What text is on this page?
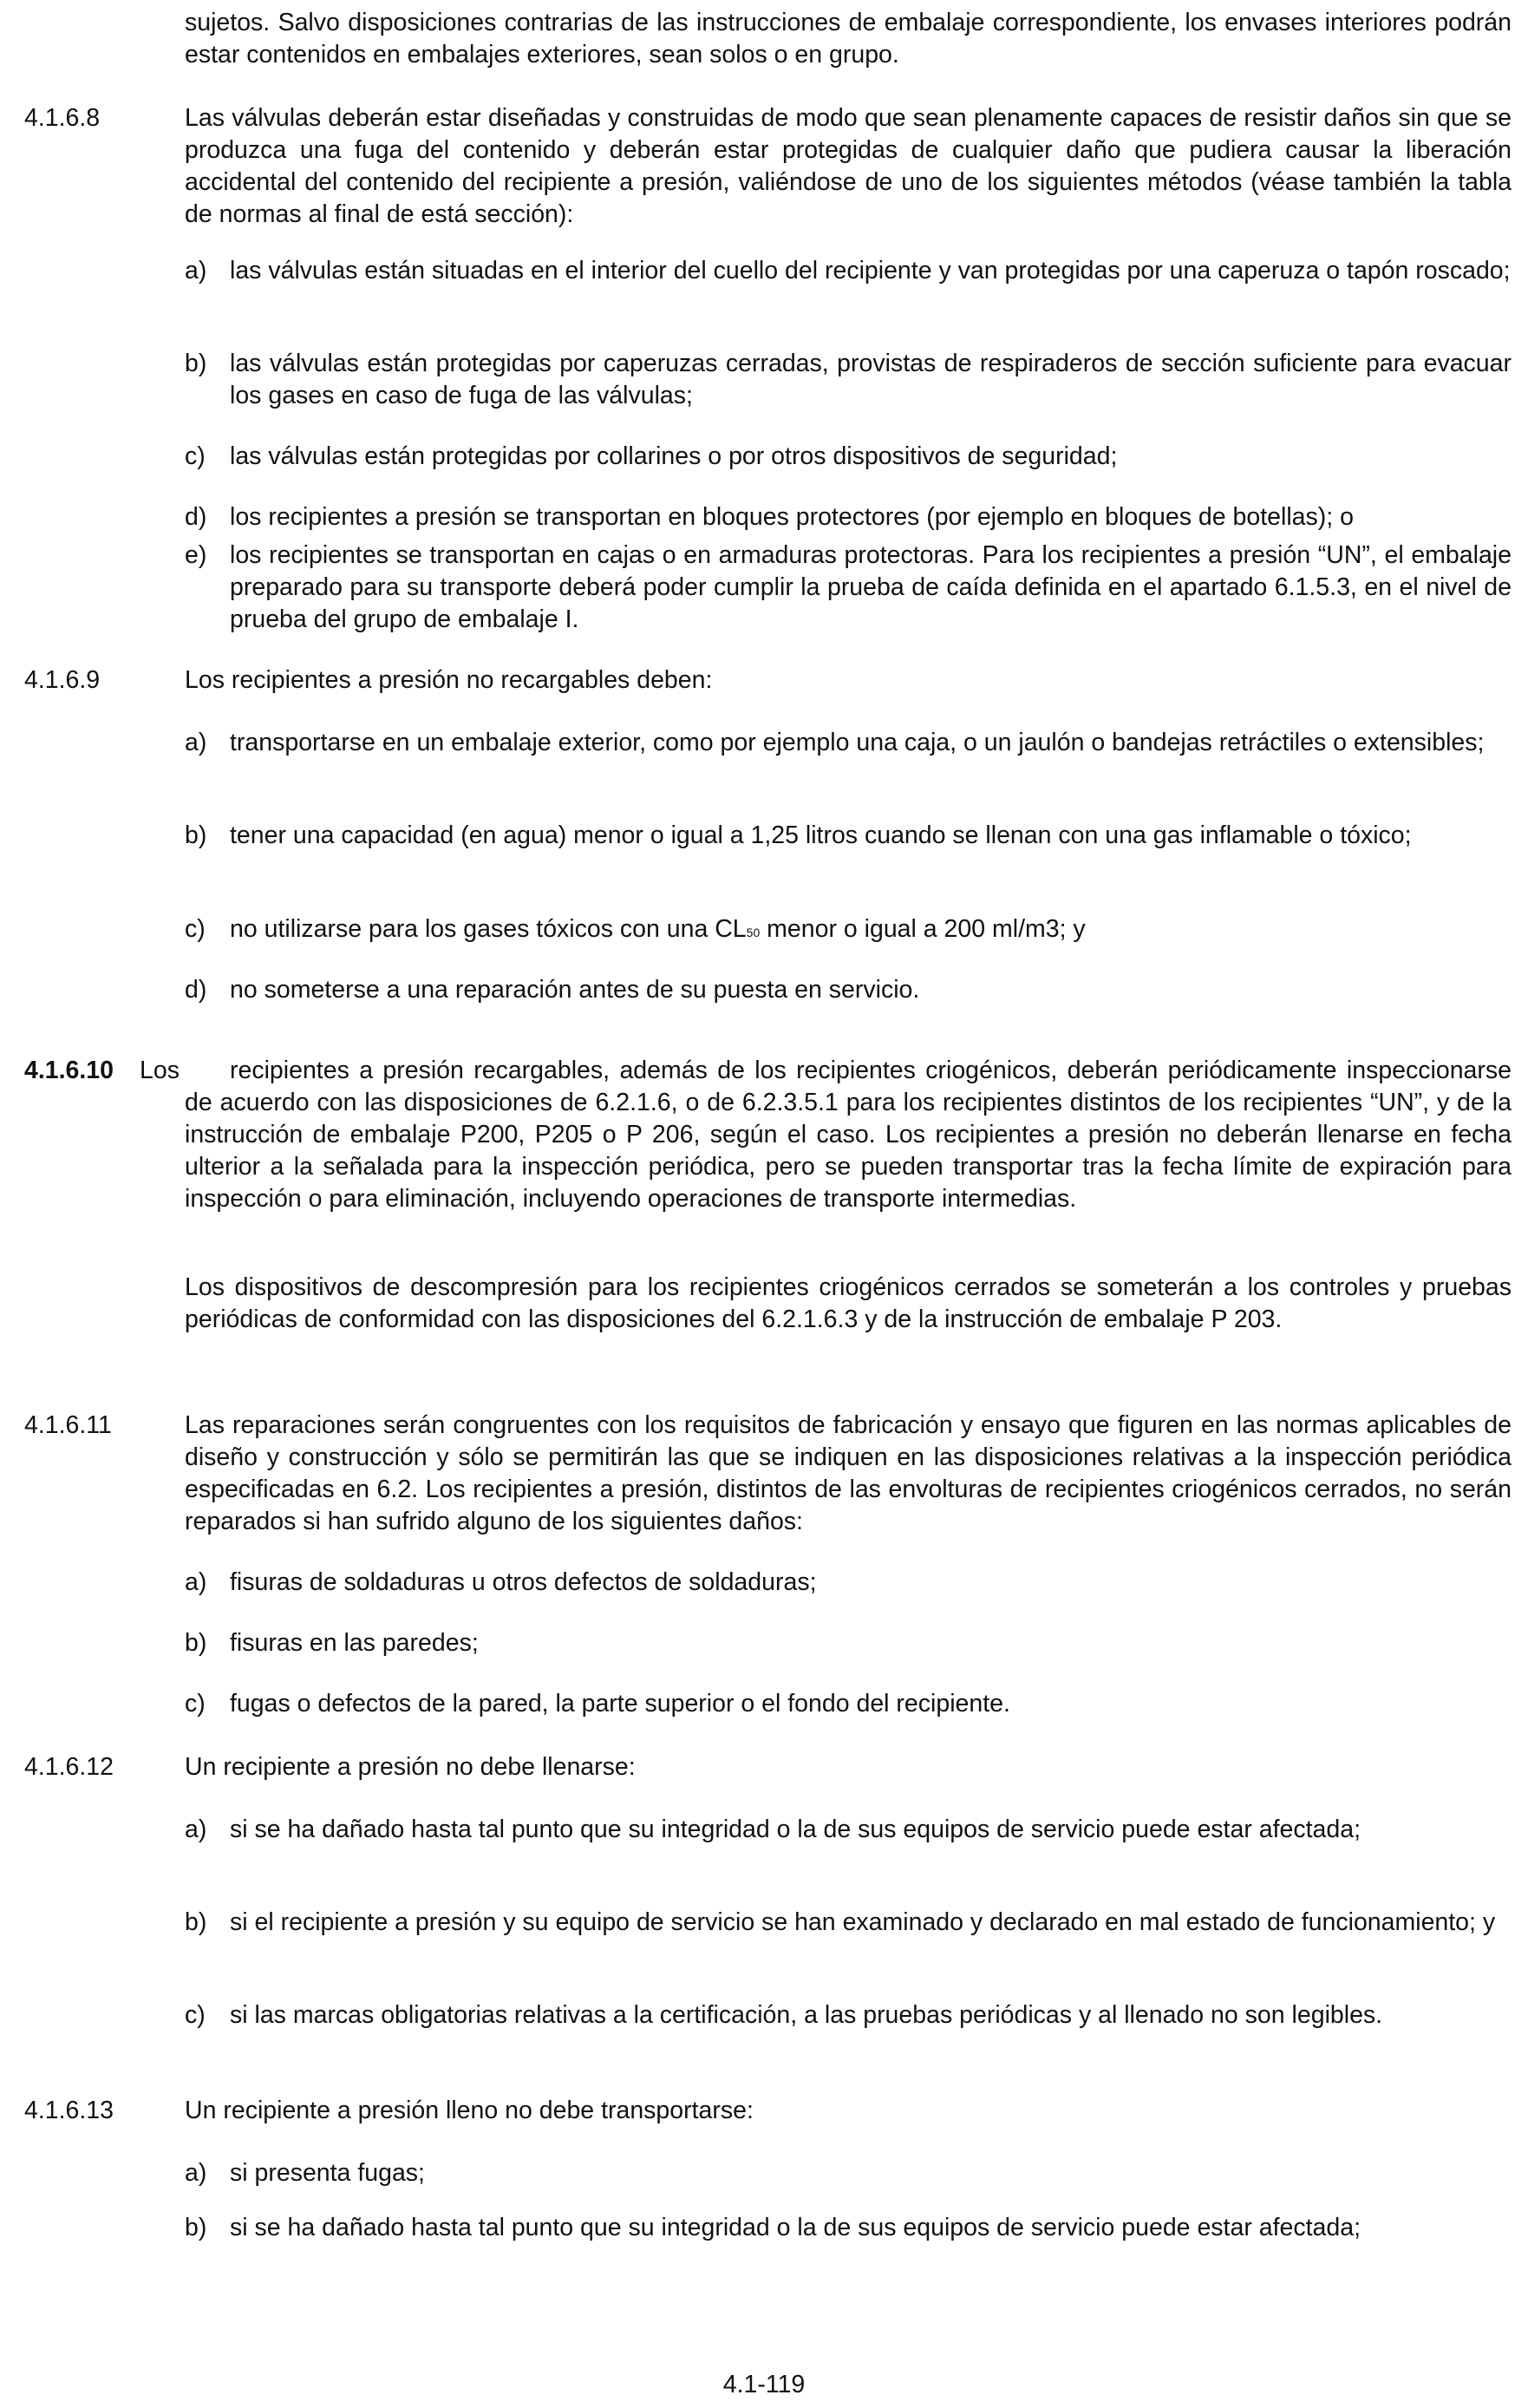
sujetos. Salvo disposiciones contrarias de las instrucciones de embalaje correspondiente, los envases interiores podrán estar contenidos en embalajes exteriores, sean solos o en grupo.
4.1.6.8	Las válvulas deberán estar diseñadas y construidas de modo que sean plenamente capaces de resistir daños sin que se produzca una fuga del contenido y deberán estar protegidas de cualquier daño que pudiera causar la liberación accidental del contenido del recipiente a presión, valiéndose de uno de los siguientes métodos (véase también la tabla de normas al final de está sección):
a) las válvulas están situadas en el interior del cuello del recipiente y van protegidas por una caperuza o tapón roscado;
b) las válvulas están protegidas por caperuzas cerradas, provistas de respiraderos de sección suficiente para evacuar los gases en caso de fuga de las válvulas;
c) las válvulas están protegidas por collarines o por otros dispositivos de seguridad;
d) los recipientes a presión se transportan en bloques protectores (por ejemplo en bloques de botellas); o
e) los recipientes se transportan en cajas o en armaduras protectoras. Para los recipientes a presión “UN”, el embalaje preparado para su transporte deberá poder cumplir la prueba de caída definida en el apartado 6.1.5.3, en el nivel de prueba del grupo de embalaje I.
4.1.6.9	Los recipientes a presión no recargables deben:
a) transportarse en un embalaje exterior, como por ejemplo una caja, o un jaulón o bandejas retráctiles o extensibles;
b) tener una capacidad (en agua) menor o igual a 1,25 litros cuando se llenan con una gas inflamable o tóxico;
c) no utilizarse para los gases tóxicos con una CL50 menor o igual a 200 ml/m3; y
d) no someterse a una reparación antes de su puesta en servicio.
4.1.6.10 Los	recipientes a presión recargables, además de los recipientes criogénicos, deberán periódicamente inspeccionarse de acuerdo con las disposiciones de 6.2.1.6, o de 6.2.3.5.1 para los recipientes distintos de los recipientes “UN”, y de la instrucción de embalaje P200, P205 o P 206, según el caso. Los recipientes a presión no deberán llenarse en fecha ulterior a la señalada para la inspección periódica, pero se pueden transportar tras la fecha límite de expiración para inspección o para eliminación, incluyendo operaciones de transporte intermedias.
Los dispositivos de descompresión para los recipientes criogénicos cerrados se someterán a los controles y pruebas periódicas de conformidad con las disposiciones del 6.2.1.6.3 y de la instrucción de embalaje P 203.
4.1.6.11	Las reparaciones serán congruentes con los requisitos de fabricación y ensayo que figuren en las normas aplicables de diseño y construcción y sólo se permitirán las que se indiquen en las disposiciones relativas a la inspección periódica especificadas en 6.2. Los recipientes a presión, distintos de las envolturas de recipientes criogénicos cerrados, no serán reparados si han sufrido alguno de los siguientes daños:
a) fisuras de soldaduras u otros defectos de soldaduras;
b) fisuras en las paredes;
c) fugas o defectos de la pared, la parte superior o el fondo del recipiente.
4.1.6.12	Un recipiente a presión no debe llenarse:
a) si se ha dañado hasta tal punto que su integridad o la de sus equipos de servicio puede estar afectada;
b) si el recipiente a presión y su equipo de servicio se han examinado y declarado en mal estado de funcionamiento; y
c) si las marcas obligatorias relativas a la certificación, a las pruebas periódicas y al llenado no son legibles.
4.1.6.13	Un recipiente a presión lleno no debe transportarse:
a) si presenta fugas;
b) si se ha dañado hasta tal punto que su integridad o la de sus equipos de servicio puede estar afectada;
4.1-119
